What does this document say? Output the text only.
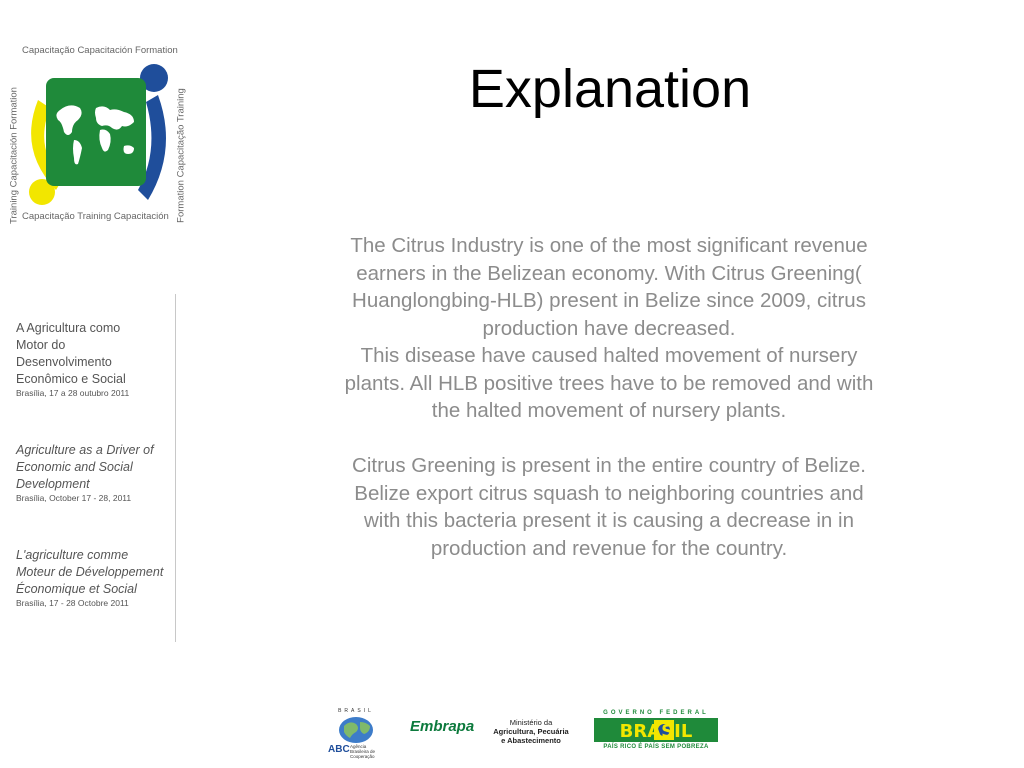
Capacitação Capacitación Formation
Capacitação Training Capacitación
Training Capacitación Formation	Formation Capacitação Training
A Agricultura como
Motor do
Desenvolvimento
Econômico e Social
Brasília, 17 a 28 outubro 2011
Agriculture as a Driver of
Economic and Social
Development
Brasília, October 17 - 28, 2011
L'agriculture comme
Moteur de Développement
Économique et Social
Brasília, 17 - 28 Octobre 2011
Explanation

The Citrus Industry is one of the most significant revenue

earners in the Belizean economy. With Citrus Greening(

Huanglongbing-HLB) present in Belize since 2009, citrus

production have decreased.

This disease have caused halted movement of nursery

plants. All HLB positive trees have to be removed and with

the halted movement of nursery plants.

Citrus Greening is present in the entire country of Belize.

Belize export citrus squash to neighboring countries and

with this bacteria present it is causing a decrease in in

production and revenue for the country.

BRASIL
ABC Agência Brasileira de Cooperação
Embrapa	Ministério da
Agricultura, Pecuária
e Abastecimento
GOVERNO FEDERAL
BRASIL
PAÍS RICO É PAÍS SEM POBREZA
